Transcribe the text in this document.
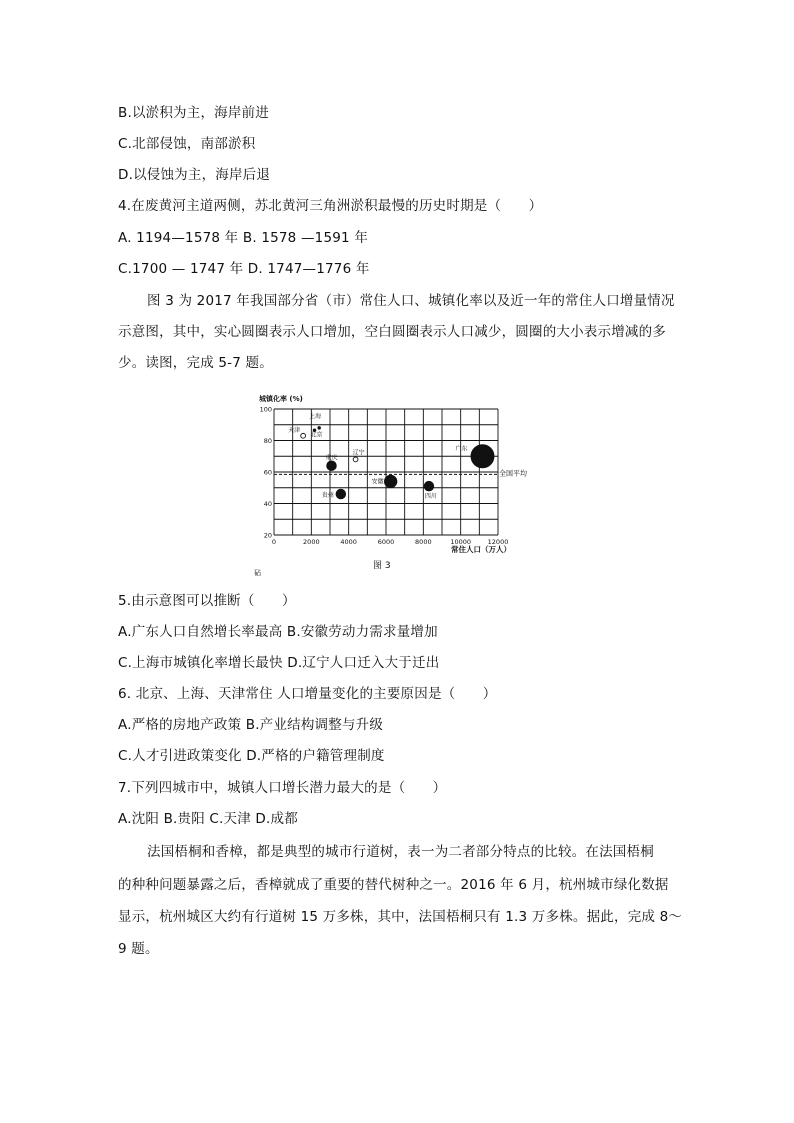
B.以淤积为主，海岸前进
C.北部侵蚀，南部淤积
D.以侵蚀为主，海岸后退
4.在废黄河主道两侧，苏北黄河三角洲淤积最慢的历史时期是（　　）
A. 1194—1578 年 B. 1578 —1591 年
C.1700 — 1747 年 D. 1747—1776 年
图 3 为 2017 年我国部分省（市）常住人口、城镇化率以及近一年的常住人口增量情况
示意图，其中，实心圆圈表示人口增加，空白圆圈表示人口减少，圆圈的大小表示增减的多
少。读图，完成 5-7 题。
全国平均
0	2000	4000	6000	8000	10000	12000
20
40
60
80
100
城镇化率 (%)
常住人口（万人）
天津
上海
北京
重庆
辽宁
贵州
安徽
四川
广东
图 3
砧
5.由示意图可以推断（　　）
A.广东人口自然增长率最高 B.安徽劳动力需求量增加
C.上海市城镇化率增长最快 D.辽宁人口迁入大于迁出
6. 北京、上海、天津常住 人口增量变化的主要原因是（　　）
A.严格的房地产政策 B.产业结构调整与升级
C.人才引进政策变化 D.严格的户籍管理制度
7.下列四城市中，城镇人口增长潜力最大的是（　　）
A.沈阳 B.贵阳 C.天津 D.成都
法国梧桐和香樟，都是典型的城市行道树，表一为二者部分特点的比较。在法国梧桐
的种种问题暴露之后，香樟就成了重要的替代树种之一。2016 年 6 月，杭州城市绿化数据
显示，杭州城区大约有行道树 15 万多株，其中，法国梧桐只有 1.3 万多株。据此，完成 8～
9 题。
